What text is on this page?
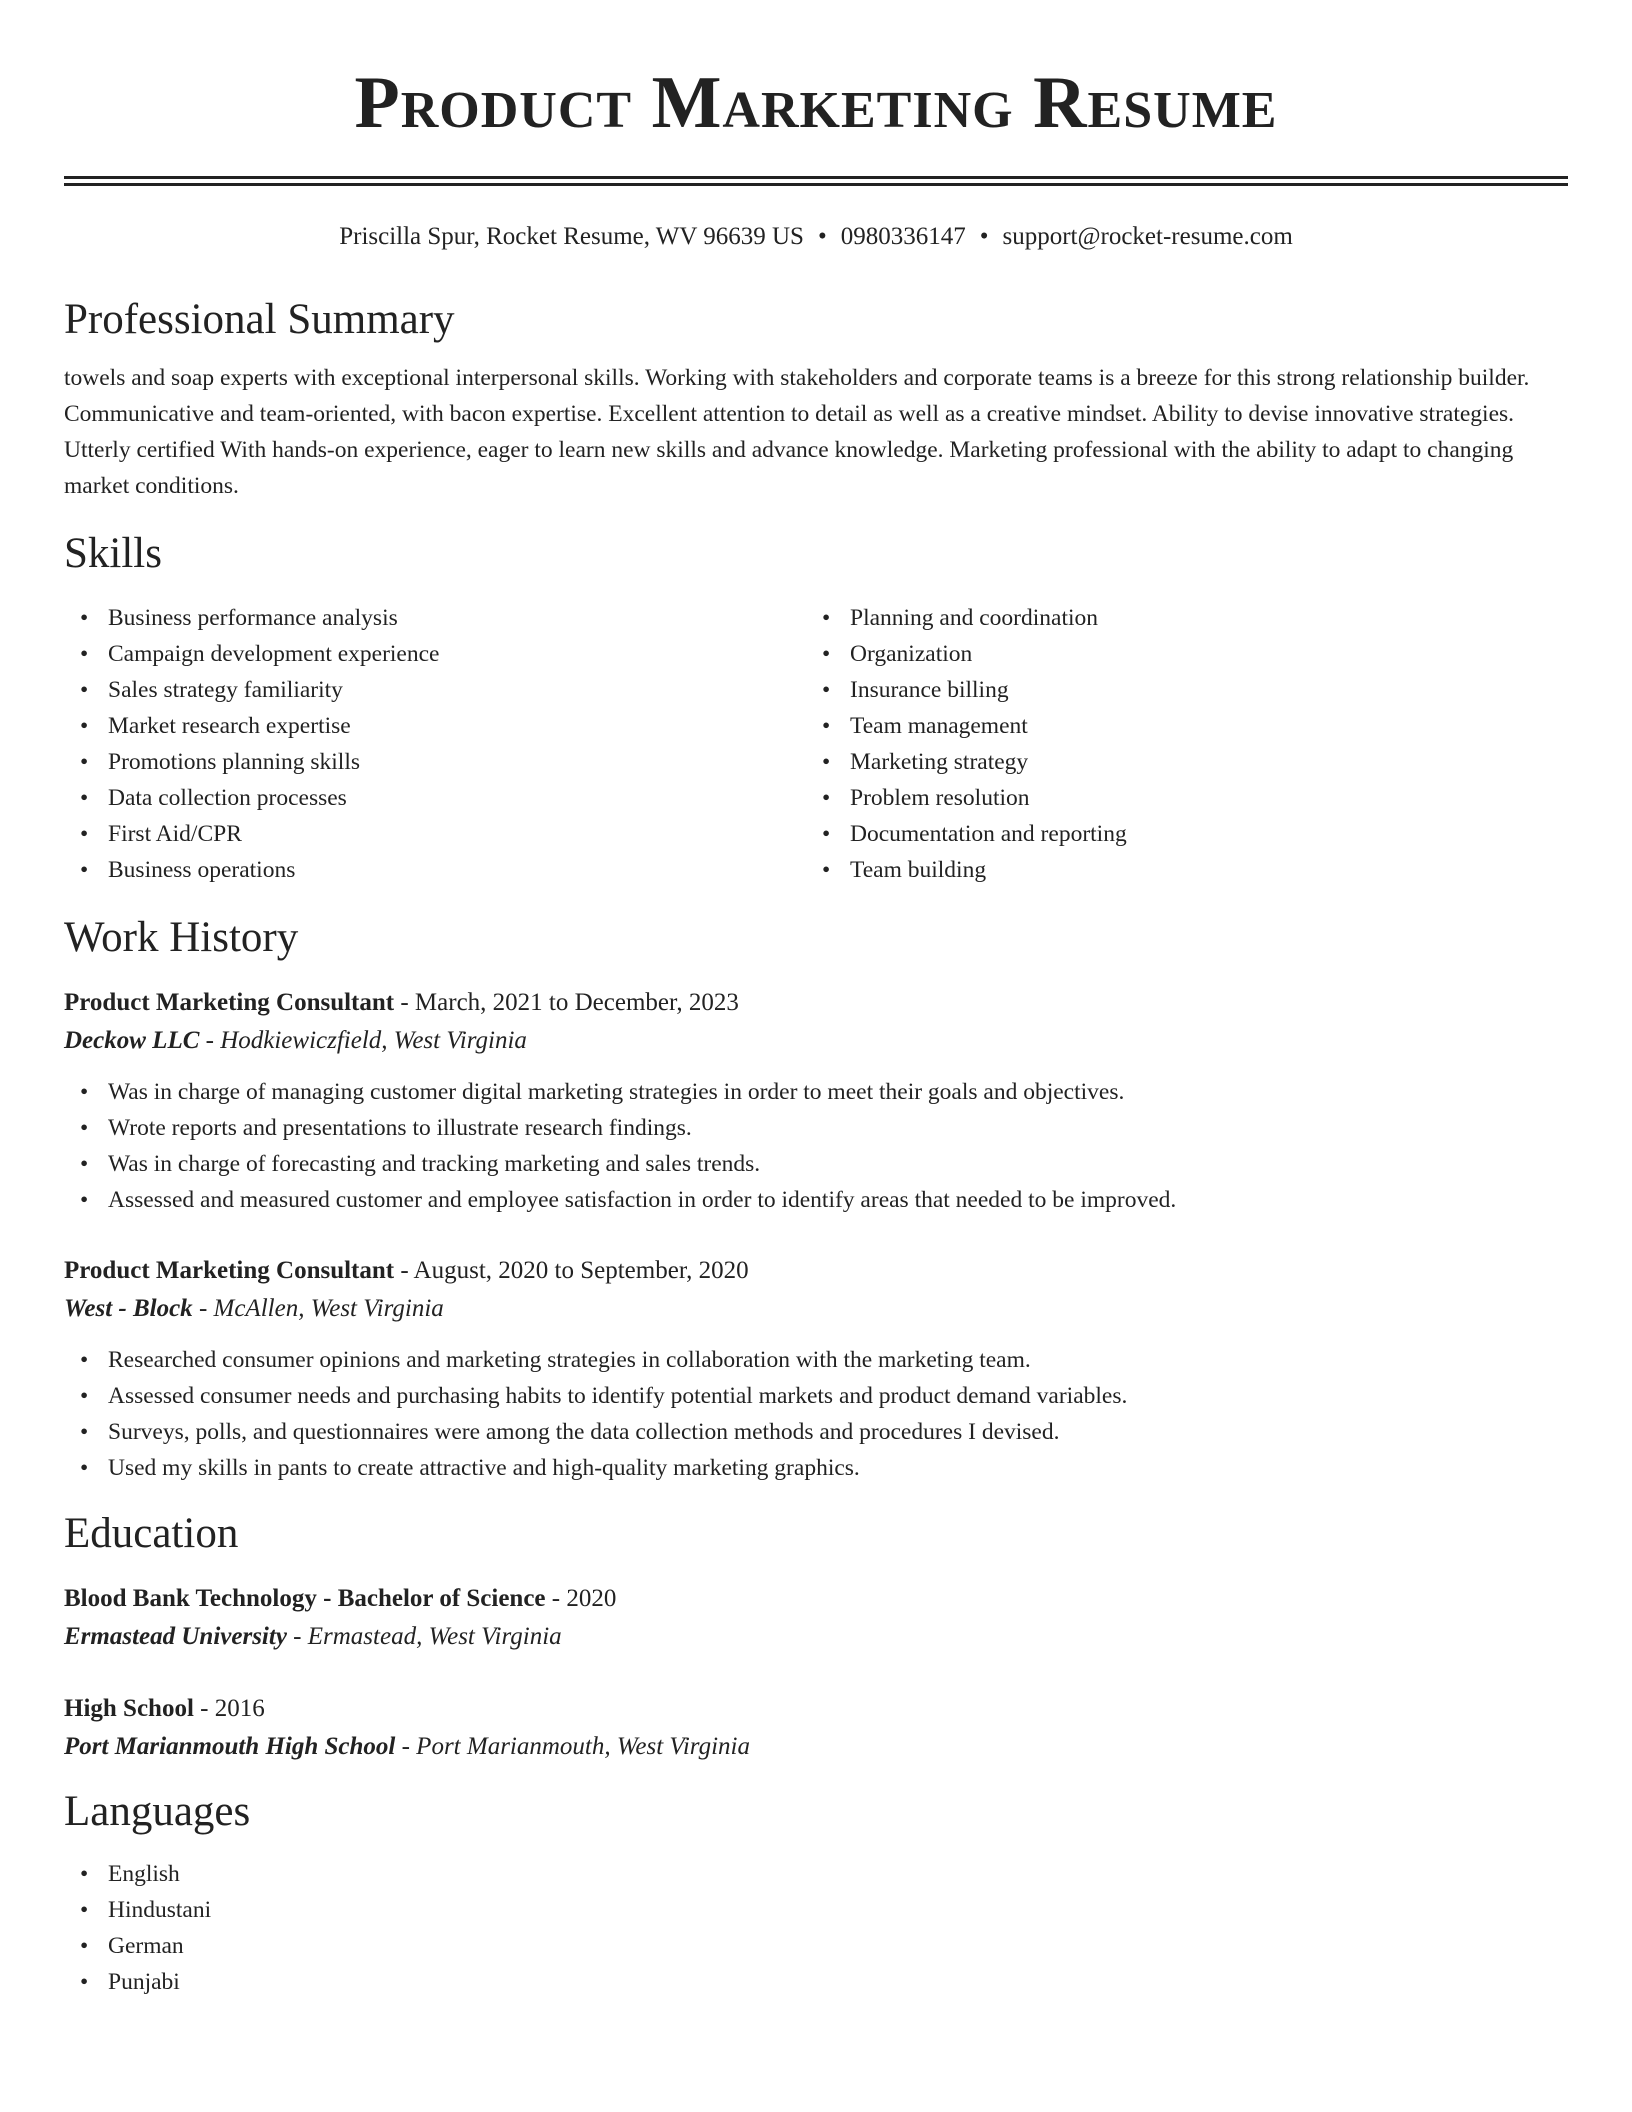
Product Marketing Resume
Priscilla Spur, Rocket Resume, WV 96639 US • 0980336147 • support@rocket-resume.com
Professional Summary

towels and soap experts with exceptional interpersonal skills. Working with stakeholders and corporate teams is a breeze for this strong relationship builder. Communicative and team-oriented, with bacon expertise. Excellent attention to detail as well as a creative mindset. Ability to devise innovative strategies. Utterly certified With hands-on experience, eager to learn new skills and advance knowledge. Marketing professional with the ability to adapt to changing market conditions.

Skills
• Business performance analysis
• Campaign development experience
• Sales strategy familiarity
• Market research expertise
• Promotions planning skills
• Data collection processes
• First Aid/CPR
• Business operations
• Planning and coordination
• Organization
• Insurance billing
• Team management
• Marketing strategy
• Problem resolution
• Documentation and reporting
• Team building
Work History
Product Marketing Consultant - March, 2021 to December, 2023
Deckow LLC - Hodkiewiczfield, West Virginia
• Was in charge of managing customer digital marketing strategies in order to meet their goals and objectives.
• Wrote reports and presentations to illustrate research findings.
• Was in charge of forecasting and tracking marketing and sales trends.
• Assessed and measured customer and employee satisfaction in order to identify areas that needed to be improved.
Product Marketing Consultant - August, 2020 to September, 2020
West - Block - McAllen, West Virginia
• Researched consumer opinions and marketing strategies in collaboration with the marketing team.
• Assessed consumer needs and purchasing habits to identify potential markets and product demand variables.
• Surveys, polls, and questionnaires were among the data collection methods and procedures I devised.
• Used my skills in pants to create attractive and high-quality marketing graphics.
Education
Blood Bank Technology - Bachelor of Science - 2020
Ermastead University - Ermastead, West Virginia
High School - 2016
Port Marianmouth High School - Port Marianmouth, West Virginia
Languages
• English
• Hindustani
• German
• Punjabi
